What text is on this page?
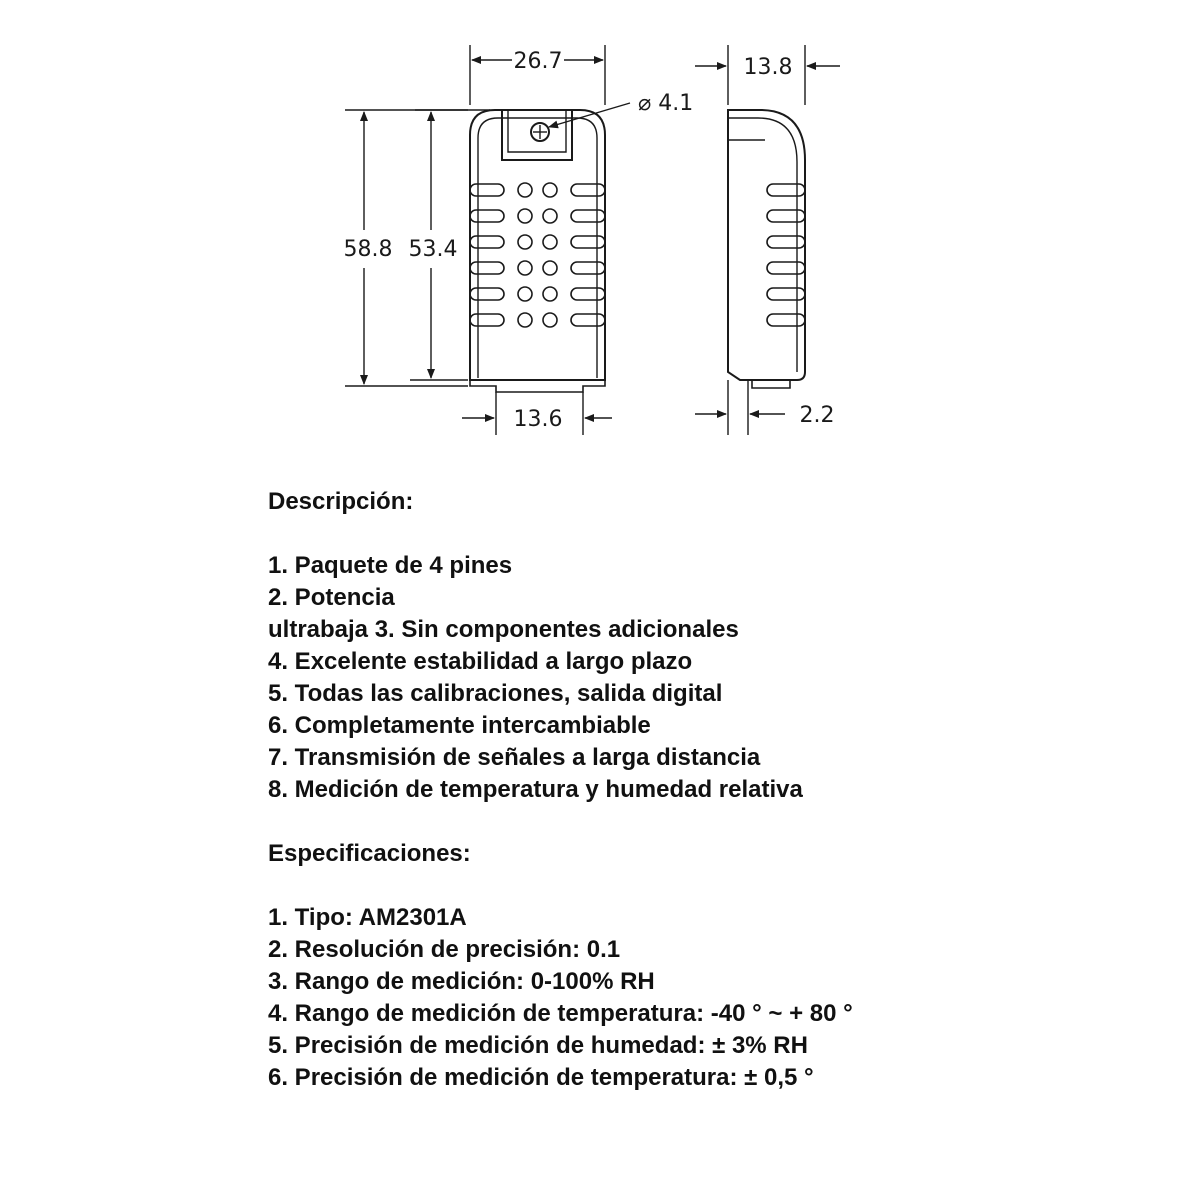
26.7	13.8
⌀ 4.1
58.8 53.4
13.6	2.2
Descripción:
1. Paquete de 4 pines
2. Potencia
ultrabaja 3. Sin componentes adicionales
4. Excelente estabilidad a largo plazo
5. Todas las calibraciones, salida digital
6. Completamente intercambiable
7. Transmisión de señales a larga distancia
8. Medición de temperatura y humedad relativa
Especificaciones:
1. Tipo: AM2301A
2. Resolución de precisión: 0.1
3. Rango de medición: 0-100% RH
4. Rango de medición de temperatura: -40 ° ~ + 80 °
5. Precisión de medición de humedad: ± 3% RH
6. Precisión de medición de temperatura: ± 0,5 °
